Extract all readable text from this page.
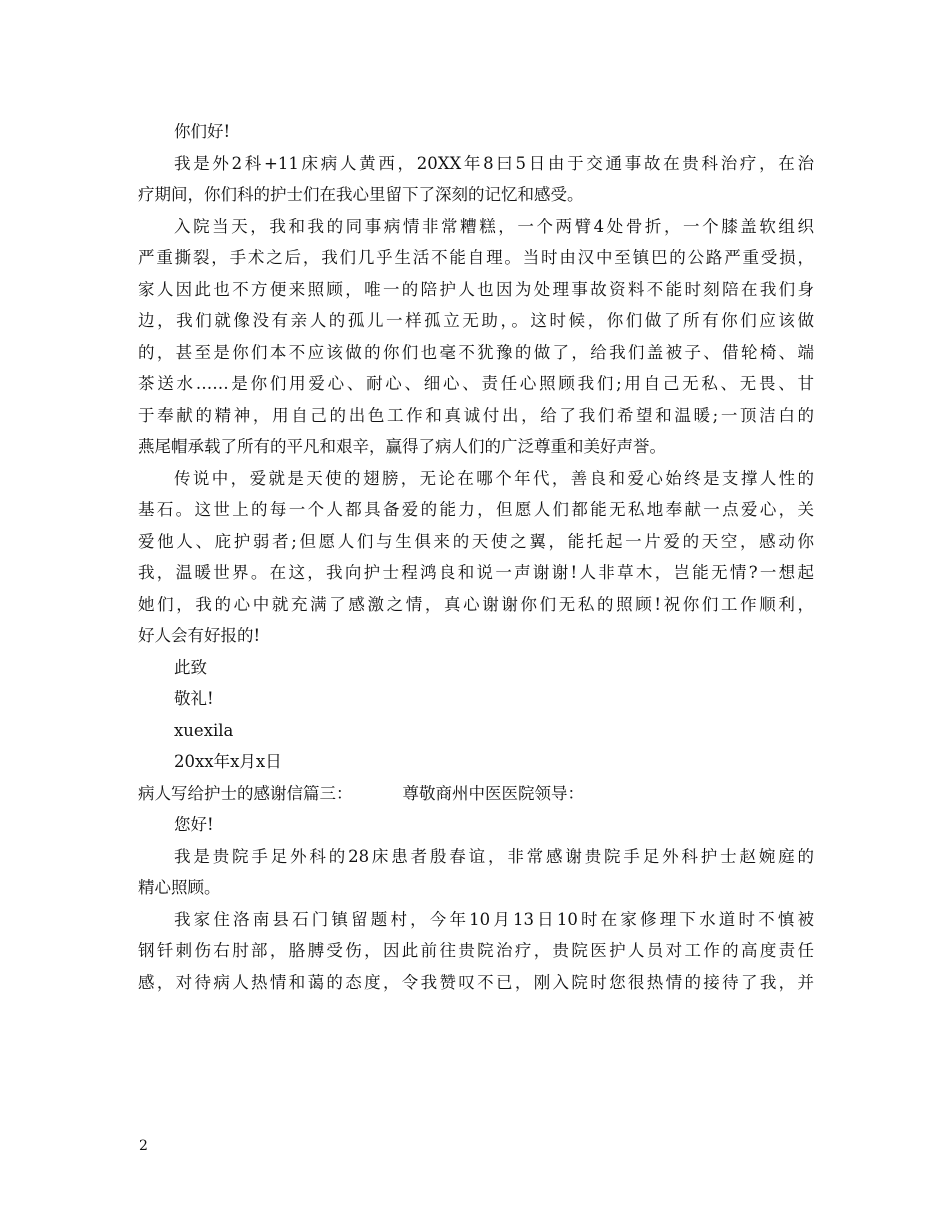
你们好!
我是外2科+11床病人黄西，20XX年8曰5日由于交通事故在贵科治疗，在治
疗期间，你们科的护士们在我心里留下了深刻的记忆和感受。
入院当天，我和我的同事病情非常糟糕，一个两臂4处骨折，一个膝盖软组织
严重撕裂，手术之后，我们几乎生活不能自理。当时由汉中至镇巴的公路严重受损，
家人因此也不方便来照顾，唯一的陪护人也因为处理事故资料不能时刻陪在我们身
边，我们就像没有亲人的孤儿一样孤立无助，。这时候，你们做了所有你们应该做
的，甚至是你们本不应该做的你们也毫不犹豫的做了，给我们盖被子、借轮椅、端
茶送水……是你们用爱心、耐心、细心、责任心照顾我们;用自己无私、无畏、甘
于奉献的精神，用自己的出色工作和真诚付出，给了我们希望和温暖;一顶洁白的
燕尾帽承载了所有的平凡和艰辛，赢得了病人们的广泛尊重和美好声誉。
传说中，爱就是天使的翅膀，无论在哪个年代，善良和爱心始终是支撑人性的
基石。这世上的每一个人都具备爱的能力，但愿人们都能无私地奉献一点爱心，关
爱他人、庇护弱者;但愿人们与生俱来的天使之翼，能托起一片爱的天空，感动你
我，温暖世界。在这，我向护士程鸿良和说一声谢谢!人非草木，岂能无情?一想起
她们，我的心中就充满了感激之情，真心谢谢你们无私的照顾!祝你们工作顺利，
好人会有好报的!
此致
敬礼!
xuexila
20xx年x月x日
病人写给护士的感谢信篇三：	尊敬商州中医医院领导：
您好!
我是贵院手足外科的28床患者殷春谊，非常感谢贵院手足外科护士赵婉庭的
精心照顾。
我家住洛南县石门镇留题村，今年10月13日10时在家修理下水道时不慎被
钢钎刺伤右肘部，胳膊受伤，因此前往贵院治疗，贵院医护人员对工作的高度责任
感，对待病人热情和蔼的态度，令我赞叹不已，刚入院时您很热情的接待了我，并
2
